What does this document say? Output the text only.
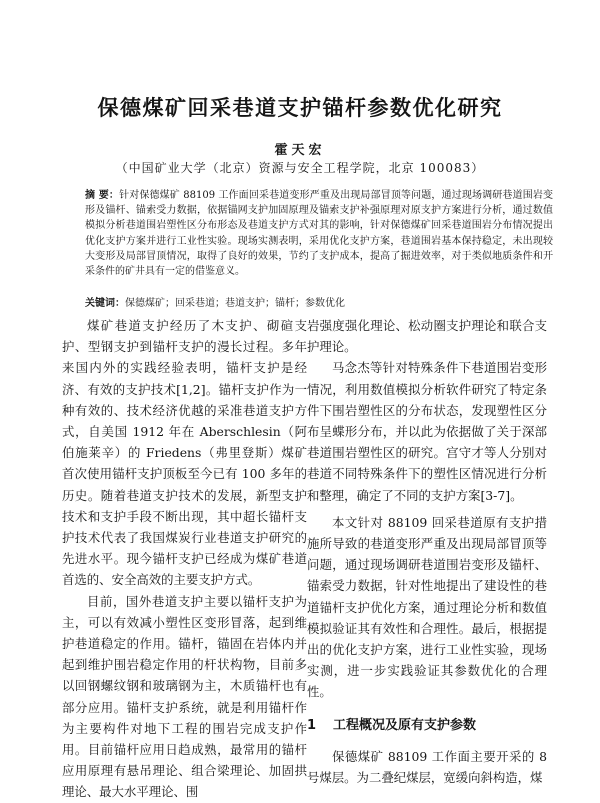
保德煤矿回采巷道支护锚杆参数优化研究
霍天宏
（中国矿业大学（北京）资源与安全工程学院，北京 100083）

摘 要：针对保德煤矿 88109 工作面回采巷道变形严重及出现局部冒顶等问题，通过现场调研巷道围岩变形及锚杆、锚索受力数据，依据锚网支护加固原理及锚索支护补强原理对原支护方案进行分析，通过数值模拟分析巷道围岩塑性区分布形态及巷道支护方式对其的影响，针对保德煤矿回采巷道围岩分布情况提出优化支护方案并进行工业性实验。现场实测表明，采用优化支护方案，巷道围岩基本保持稳定，未出现较大变形及局部冒顶情况，取得了良好的效果，节约了支护成本，提高了掘进效率，对于类似地质条件和开采条件的矿井具有一定的借鉴意义。

关键词：保德煤矿；回采巷道；巷道支护；锚杆；参数优化

煤矿巷道支护经历了木支护、砌碹支护、型钢支护到锚杆支护的漫长过程。多年来国内外的实践经验表明，锚杆支护是经济、有效的支护技术[1,2]。锚杆支护作为一种有效的、技术经济优越的采准巷道支护方式，自美国 1912 年在 Aberschlesin（阿伯施莱辛）的 Friedens（弗里登斯）煤矿首次使用锚杆支护顶板至今已有 100 多年的历史。随着巷道支护技术的发展，新型支护技术和支护手段不断出现，其中超长锚杆支护技术代表了我国煤炭行业巷道支护研究的先进水平。现今锚杆支护已经成为煤矿巷道首选的、安全高效的主要支护方式。

目前，国外巷道支护主要以锚杆支护为主，可以有效减小塑性区变形冒落，起到维护巷道稳定的作用。锚杆，锚固在岩体内并起到维护围岩稳定作用的杆状构物，目前多以回钢螺纹钢和玻璃钢为主，木质锚杆也有部分应用。锚杆支护系统，就是利用锚杆作为主要构件对地下工程的围岩完成支护作用。目前锚杆应用日趋成熟，最常用的锚杆应用原理有悬吊理论、组合梁理论、加固拱理论、最大水平理论、围

岩强度强化理论、松动圈支护理论和联合支护理论。

马念杰等针对特殊条件下巷道围岩变形情况，利用数值模拟分析软件研究了特定条件下围岩塑性区的分布状态，发现塑性区分布呈蝶形分布，并以此为依据做了关于深部巷道围岩塑性区的研究。宫守才等人分别对巷道不同特殊条件下的塑性区情况进行分析和整理，确定了不同的支护方案[3-7]。

本文针对 88109 回采巷道原有支护措施所导致的巷道变形严重及出现局部冒顶等问题，通过现场调研巷道围岩变形及锚杆、锚索受力数据，针对性地提出了建设性的巷道锚杆支护优化方案，通过理论分析和数值模拟验证其有效性和合理性。最后，根据提出的优化支护方案，进行工业性实验，现场实测，进一步实践验证其参数优化的合理性。

1 工程概况及原有支护参数

保德煤矿 88109 工作面主要开采的 8 号煤层。为二叠纪煤层，宽缓向斜构造，煤
